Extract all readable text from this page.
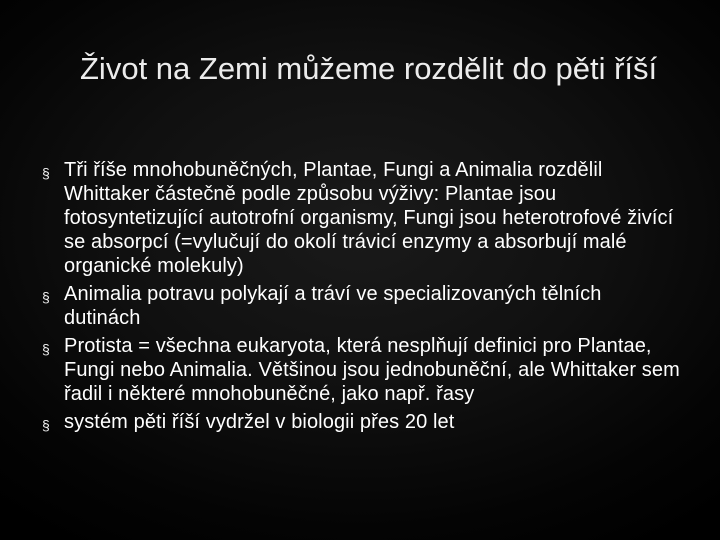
Život na Zemi můžeme rozdělit do pěti říší
§ Tři říše mnohobuněčných, Plantae, Fungi a Animalia rozdělil Whittaker částečně podle způsobu výživy: Plantae jsou fotosyntetizující autotrofní organismy, Fungi jsou heterotrofové živící se absorpcí (=vylučují do okolí trávicí enzymy a absorbují malé organické molekuly)
§ Animalia potravu polykají a tráví ve specializovaných tělních dutinách
§ Protista = všechna eukaryota, která nesplňují definici pro Plantae, Fungi nebo Animalia. Většinou jsou jednobuněční, ale Whittaker sem řadil i některé mnohobuněčné, jako např. řasy
§ systém pěti říší vydržel v biologii přes 20 let
